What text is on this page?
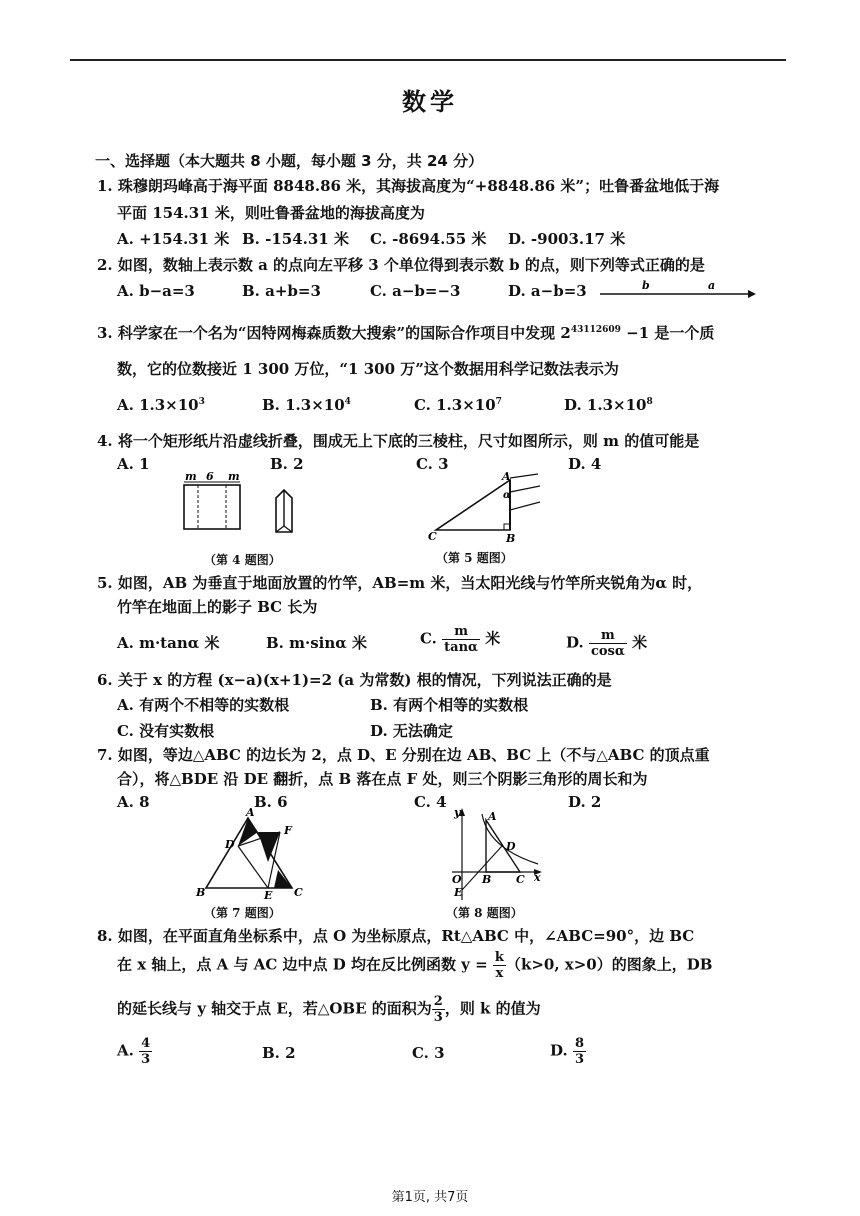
数学
一、选择题（本大题共 8 小题，每小题 3 分，共 24 分）
1. 珠穆朗玛峰高于海平面 8848.86 米，其海拔高度为“+8848.86 米”；吐鲁番盆地低于海
平面 154.31 米，则吐鲁番盆地的海拔高度为
A. +154.31 米 B. -154.31 米 C. -8694.55 米 D. -9003.17 米
2. 如图，数轴上表示数 a 的点向左平移 3 个单位得到表示数 b 的点，则下列等式正确的是
A. b−a=3	B. a+b=3	C. a−b=−3	D. a−b=3	b	a
3. 科学家在一个名为“因特网梅森质数大搜索”的国际合作项目中发现 $2^{43112609} -1$ 是一个质
数，它的位数接近 1 300 万位，“1 300 万”这个数据用科学记数法表示为
A. $1.3\times 10^3$	B. $1.3\times 10^4$	C. $1.3\times 10^7$	D. $1.3\times 10^8$
4. 将一个矩形纸片沿虚线折叠，围成无上下底的三棱柱，尺寸如图所示，则 m 的值可能是
A. 1	B. 2	C. 3	D. 4
m 6 m
（第 4 题图）
A
α
C	B
（第 5 题图）
5. 如图，AB 为垂直于地面放置的竹竿，AB=m 米，当太阳光线与竹竿所夹锐角为α 时，
竹竿在地面上的影子 BC 长为
A. m·tanα 米	B. m·sinα 米	C. $\frac{m}{\tan\alpha}$ 米	D. $\frac{m}{\cos\alpha}$ 米
6. 关于 x 的方程 (x−a)(x+1)=2 (a 为常数) 根的情况，下列说法正确的是
A. 有两个不相等的实数根	B. 有两个相等的实数根
C. 没有实数根	D. 无法确定
7. 如图，等边△ABC 的边长为 2，点 D、E 分别在边 AB、BC 上（不与△ABC 的顶点重
合），将△BDE 沿 DE 翻折，点 B 落在点 F 处，则三个阴影三角形的周长和为
A. 8	B. 6	C. 4	D. 2
A
F
D
B	E C
（第 7 题图）
y	A
D
O B C x
E
（第 8 题图）
8. 如图，在平面直角坐标系中，点 O 为坐标原点，Rt△ABC 中，∠ABC=90°，边 BC
在 x 轴上，点 A 与 AC 边中点 D 均在反比例函数 $y = \frac{k}{x} (k>0$, x>0）的图象上，DB
的延长线与 y 轴交于点 E，若△OBE 的面积为 $\frac{2}{3}$ ，则 k 的值为
A. $\frac{4}{3}$	B. 2	C. 3	D. $\frac{8}{3}$
第1页, 共7页
